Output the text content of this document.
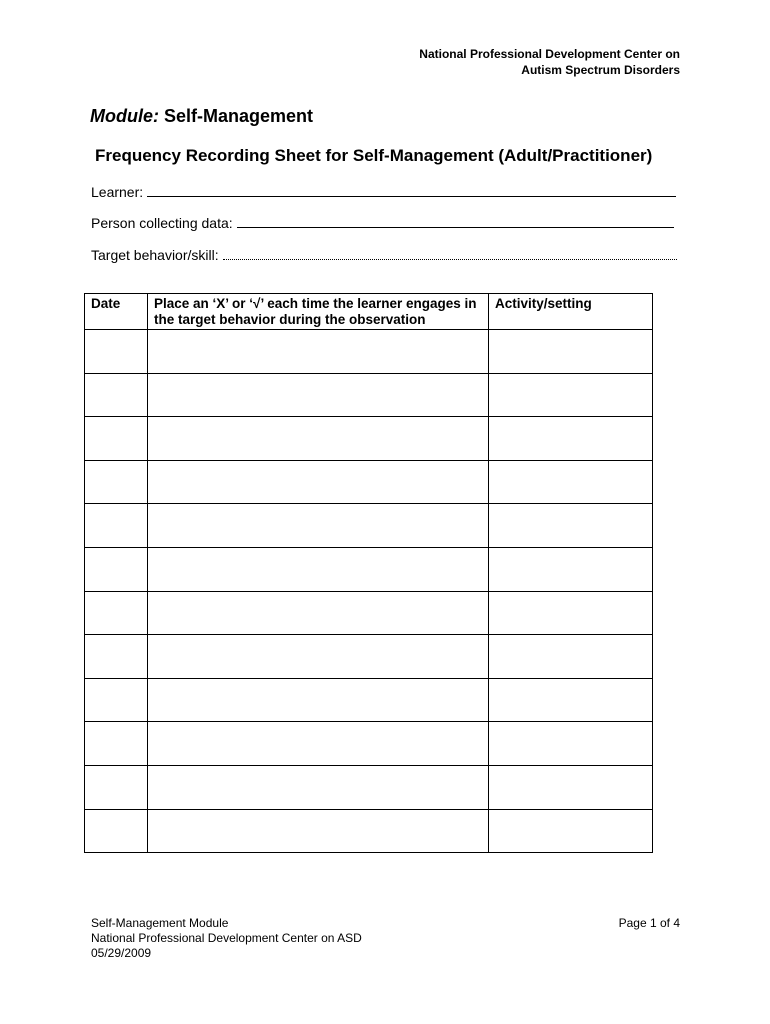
National Professional Development Center on
Autism Spectrum Disorders
Module: Self-Management
Frequency Recording Sheet for Self-Management (Adult/Practitioner)
Learner:
Person collecting data:
Target behavior/skill:
Date	Place an ‘X’ or ‘√’ each time the learner engages in the target behavior during the observation	Activity/setting

Self-Management Module
National Professional Development Center on ASD
05/29/2009
Page 1 of 4
